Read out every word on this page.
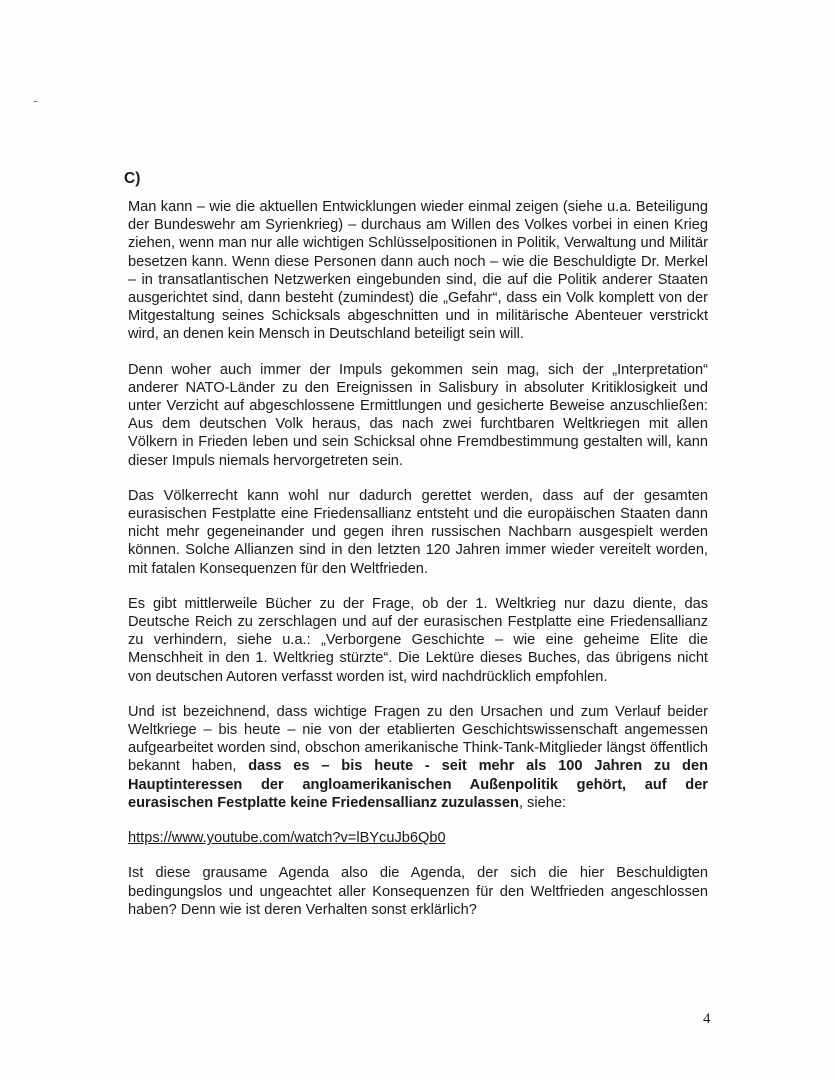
˷
C)

Man kann – wie die aktuellen Entwicklungen wieder einmal zeigen (siehe u.a. Beteiligung der Bundeswehr am Syrienkrieg) – durchaus am Willen des Volkes vorbei in einen Krieg ziehen, wenn man nur alle wichtigen Schlüsselpositionen in Politik, Verwaltung und Militär besetzen kann. Wenn diese Personen dann auch noch – wie die Beschuldigte Dr. Merkel – in transatlantischen Netzwerken eingebunden sind, die auf die Politik anderer Staaten ausgerichtet sind, dann besteht (zumindest) die „Gefahr“, dass ein Volk komplett von der Mitgestaltung seines Schicksals abgeschnitten und in militärische Abenteuer verstrickt wird, an denen kein Mensch in Deutschland beteiligt sein will.

Denn woher auch immer der Impuls gekommen sein mag, sich der „Interpretation“ anderer NATO-Länder zu den Ereignissen in Salisbury in absoluter Kritiklosigkeit und unter Verzicht auf abgeschlossene Ermittlungen und gesicherte Beweise anzuschließen: Aus dem deutschen Volk heraus, das nach zwei furchtbaren Weltkriegen mit allen Völkern in Frieden leben und sein Schicksal ohne Fremdbestimmung gestalten will, kann dieser Impuls niemals hervorgetreten sein.

Das Völkerrecht kann wohl nur dadurch gerettet werden, dass auf der gesamten eurasischen Festplatte eine Friedensallianz entsteht und die europäischen Staaten dann nicht mehr gegeneinander und gegen ihren russischen Nachbarn ausgespielt werden können. Solche Allianzen sind in den letzten 120 Jahren immer wieder vereitelt worden, mit fatalen Konsequenzen für den Weltfrieden.

Es gibt mittlerweile Bücher zu der Frage, ob der 1. Weltkrieg nur dazu diente, das Deutsche Reich zu zerschlagen und auf der eurasischen Festplatte eine Friedensallianz zu verhindern, siehe u.a.: „Verborgene Geschichte – wie eine geheime Elite die Menschheit in den 1. Weltkrieg stürzte“. Die Lektüre dieses Buches, das übrigens nicht von deutschen Autoren verfasst worden ist, wird nachdrücklich empfohlen.

Und ist bezeichnend, dass wichtige Fragen zu den Ursachen und zum Verlauf beider Weltkriege – bis heute – nie von der etablierten Geschichtswissenschaft angemessen aufgearbeitet worden sind, obschon amerikanische Think-Tank-Mitglieder längst öffentlich bekannt haben, dass es – bis heute - seit mehr als 100 Jahren zu den Hauptinteressen der angloamerikanischen Außenpolitik gehört, auf der eurasischen Festplatte keine Friedensallianz zuzulassen, siehe:

https://www.youtube.com/watch?v=lBYcuJb6Qb0

Ist diese grausame Agenda also die Agenda, der sich die hier Beschuldigten bedingungslos und ungeachtet aller Konsequenzen für den Weltfrieden angeschlossen haben? Denn wie ist deren Verhalten sonst erklärlich?

4
